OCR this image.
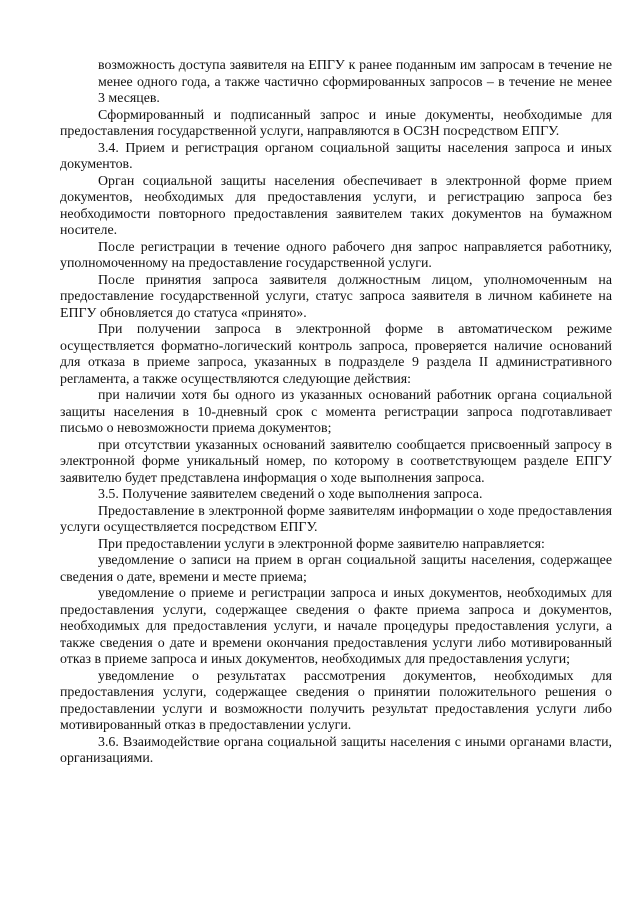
возможность доступа заявителя на ЕПГУ к ранее поданным им запросам в течение не менее одного года, а также частично сформированных запросов – в течение не менее 3 месяцев.

Сформированный и подписанный запрос и иные документы, необходимые для предоставления государственной услуги, направляются в ОСЗН посредством ЕПГУ.

3.4. Прием и регистрация органом социальной защиты населения запроса и иных документов.

Орган социальной защиты населения обеспечивает в электронной форме прием документов, необходимых для предоставления услуги, и регистрацию запроса без необходимости повторного предоставления заявителем таких документов на бумажном носителе.

После регистрации в течение одного рабочего дня запрос направляется работнику, уполномоченному на предоставление государственной услуги.

После принятия запроса заявителя должностным лицом, уполномоченным на предоставление государственной услуги, статус запроса заявителя в личном кабинете на ЕПГУ обновляется до статуса «принято».

При получении запроса в электронной форме в автоматическом режиме осуществляется форматно-логический контроль запроса, проверяется наличие оснований для отказа в приеме запроса, указанных в подразделе 9 раздела II административного регламента, а также осуществляются следующие действия:

при наличии хотя бы одного из указанных оснований работник органа социальной защиты населения в 10-дневный срок с момента регистрации запроса подготавливает письмо о невозможности приема документов;

при отсутствии указанных оснований заявителю сообщается присвоенный запросу в электронной форме уникальный номер, по которому в соответствующем разделе ЕПГУ заявителю будет представлена информация о ходе выполнения запроса.

3.5. Получение заявителем сведений о ходе выполнения запроса.

Предоставление в электронной форме заявителям информации о ходе предоставления услуги осуществляется посредством ЕПГУ.

При предоставлении услуги в электронной форме заявителю направляется:

уведомление о записи на прием в орган социальной защиты населения, содержащее сведения о дате, времени и месте приема;

уведомление о приеме и регистрации запроса и иных документов, необходимых для предоставления услуги, содержащее сведения о факте приема запроса и документов, необходимых для предоставления услуги, и начале процедуры предоставления услуги, а также сведения о дате и времени окончания предоставления услуги либо мотивированный отказ в приеме запроса и иных документов, необходимых для предоставления услуги;

уведомление о результатах рассмотрения документов, необходимых для предоставления услуги, содержащее сведения о принятии положительного решения о предоставлении услуги и возможности получить результат предоставления услуги либо мотивированный отказ в предоставлении услуги.

3.6. Взаимодействие органа социальной защиты населения с иными органами власти, организациями.
